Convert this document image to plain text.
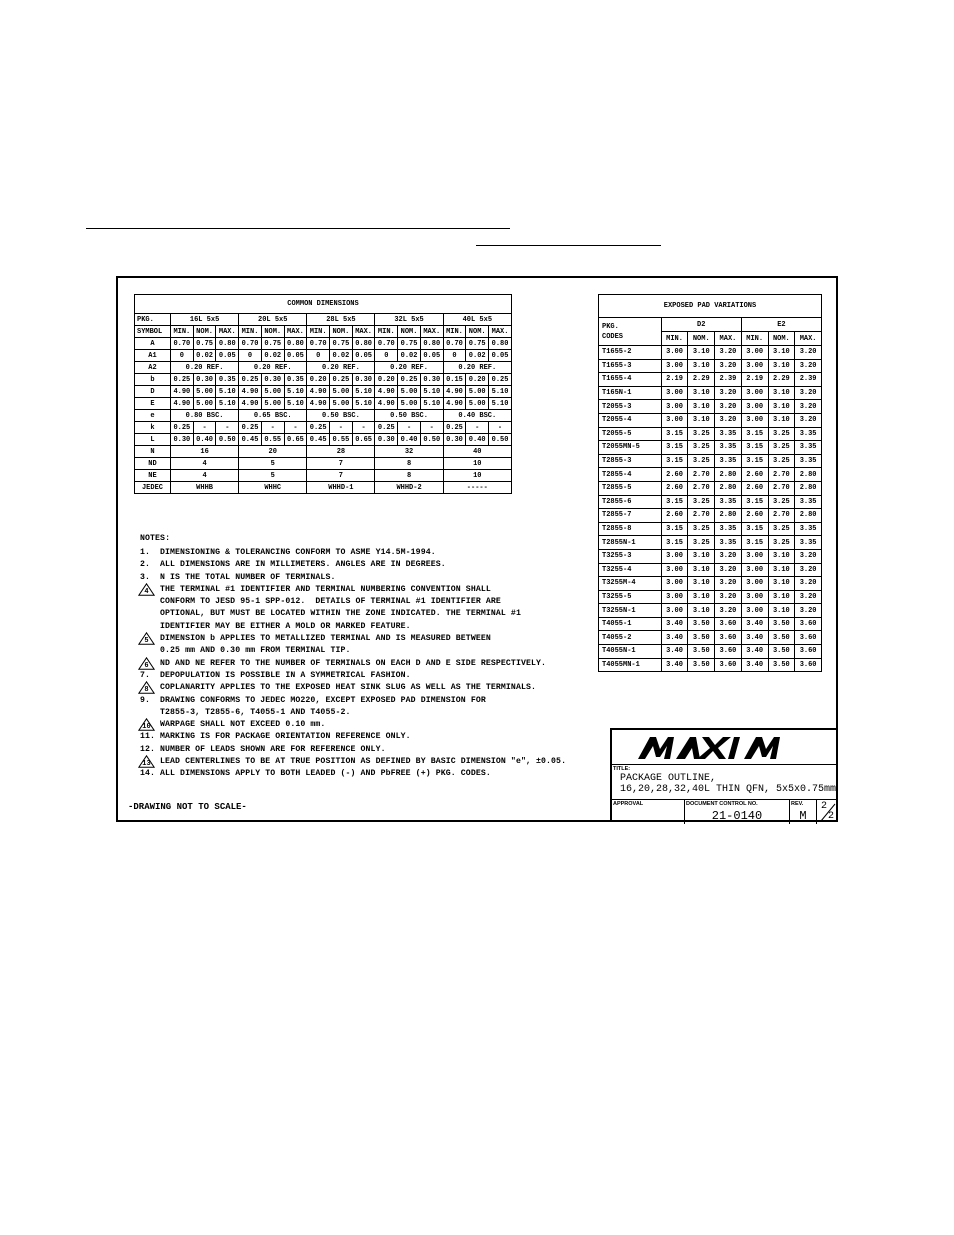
COMMON DIMENSIONS															
PKG.	16L 5x5			20L 5x5			28L 5x5			32L 5x5			40L 5x5		
SYMBOL	MIN.	NOM.	MAX.	MIN.	NOM.	MAX.	MIN.	NOM.	MAX.	MIN.	NOM.	MAX.	MIN.	NOM.	MAX.
A	0.70	0.75	0.80	0.70	0.75	0.80	0.70	0.75	0.80	0.70	0.75	0.80	0.70	0.75	0.80
A1	0	0.02	0.05	0	0.02	0.05	0	0.02	0.05	0	0.02	0.05	0	0.02	0.05
A2	0.20 REF.			0.20 REF.			0.20 REF.			0.20 REF.			0.20 REF.		
b	0.25	0.30	0.35	0.25	0.30	0.35	0.20	0.25	0.30	0.20	0.25	0.30	0.15	0.20	0.25
D	4.90	5.00	5.10	4.90	5.00	5.10	4.90	5.00	5.10	4.90	5.00	5.10	4.90	5.00	5.10
E	4.90	5.00	5.10	4.90	5.00	5.10	4.90	5.00	5.10	4.90	5.00	5.10	4.90	5.00	5.10
e	0.80 BSC.			0.65 BSC.			0.50 BSC.			0.50 BSC.			0.40 BSC.		
k	0.25	-	-	0.25	-	-	0.25	-	-	0.25	-	-	0.25	-	-
L	0.30	0.40	0.50	0.45	0.55	0.65	0.45	0.55	0.65	0.30	0.40	0.50	0.30	0.40	0.50
N	16			20			28			32			40		
ND	4			5			7			8			10		
NE	4			5			7			8			10		
JEDEC	WHHB			WHHC			WHHD-1			WHHD-2			-----		
EXPOSED PAD VARIATIONS						
PKG.
CODES	D2			E2		
	MIN.	NOM.	MAX.	MIN.	NOM.	MAX.
T1655-2	3.00	3.10	3.20	3.00	3.10	3.20
T1655-3	3.00	3.10	3.20	3.00	3.10	3.20
T1655-4	2.19	2.29	2.39	2.19	2.29	2.39
T165N-1	3.00	3.10	3.20	3.00	3.10	3.20
T2055-3	3.00	3.10	3.20	3.00	3.10	3.20
T2055-4	3.00	3.10	3.20	3.00	3.10	3.20
T2055-5	3.15	3.25	3.35	3.15	3.25	3.35
T2055MN-5	3.15	3.25	3.35	3.15	3.25	3.35
T2855-3	3.15	3.25	3.35	3.15	3.25	3.35
T2855-4	2.60	2.70	2.80	2.60	2.70	2.80
T2855-5	2.60	2.70	2.80	2.60	2.70	2.80
T2855-6	3.15	3.25	3.35	3.15	3.25	3.35
T2855-7	2.60	2.70	2.80	2.60	2.70	2.80
T2855-8	3.15	3.25	3.35	3.15	3.25	3.35
T2855N-1	3.15	3.25	3.35	3.15	3.25	3.35
T3255-3	3.00	3.10	3.20	3.00	3.10	3.20
T3255-4	3.00	3.10	3.20	3.00	3.10	3.20
T3255M-4	3.00	3.10	3.20	3.00	3.10	3.20
T3255-5	3.00	3.10	3.20	3.00	3.10	3.20
T3255N-1	3.00	3.10	3.20	3.00	3.10	3.20
T4055-1	3.40	3.50	3.60	3.40	3.50	3.60
T4055-2	3.40	3.50	3.60	3.40	3.50	3.60
T4055N-1	3.40	3.50	3.60	3.40	3.50	3.60
T4055MN-1	3.40	3.50	3.60	3.40	3.50	3.60
NOTES:
1.	DIMENSIONING & TOLERANCING CONFORM TO ASME Y14.5M-1994.
2.	ALL DIMENSIONS ARE IN MILLIMETERS. ANGLES ARE IN DEGREES.
3.	N IS THE TOTAL NUMBER OF TERMINALS.
4	THE TERMINAL #1 IDENTIFIER AND TERMINAL NUMBERING CONVENTION SHALL
CONFORM TO JESD 95-1 SPP-012.  DETAILS OF TERMINAL #1 IDENTIFIER ARE
OPTIONAL, BUT MUST BE LOCATED WITHIN THE ZONE INDICATED. THE TERMINAL #1
IDENTIFIER MAY BE EITHER A MOLD OR MARKED FEATURE.
5	DIMENSION b APPLIES TO METALLIZED TERMINAL AND IS MEASURED BETWEEN
0.25 mm AND 0.30 mm FROM TERMINAL TIP.
6	ND AND NE REFER TO THE NUMBER OF TERMINALS ON EACH D AND E SIDE RESPECTIVELY.
7.	DEPOPULATION IS POSSIBLE IN A SYMMETRICAL FASHION.
8	COPLANARITY APPLIES TO THE EXPOSED HEAT SINK SLUG AS WELL AS THE TERMINALS.
9.	DRAWING CONFORMS TO JEDEC MO220, EXCEPT EXPOSED PAD DIMENSION FOR
T2855-3, T2855-6, T4055-1 AND T4055-2.
10	WARPAGE SHALL NOT EXCEED 0.10 mm.
11. MARKING IS FOR PACKAGE ORIENTATION REFERENCE ONLY.
12. NUMBER OF LEADS SHOWN ARE FOR REFERENCE ONLY.
13	LEAD CENTERLINES TO BE AT TRUE POSITION AS DEFINED BY BASIC DIMENSION "e", ±0.05.
14. ALL DIMENSIONS APPLY TO BOTH LEADED (-) AND PbFREE (+) PKG. CODES.
-DRAWING NOT TO SCALE-
TITLE:
PACKAGE OUTLINE,
16,20,28,32,40L THIN QFN, 5x5x0.75mm
APPROVAL	DOCUMENT CONTROL NO.
21-0140
REV.
M
2
2
